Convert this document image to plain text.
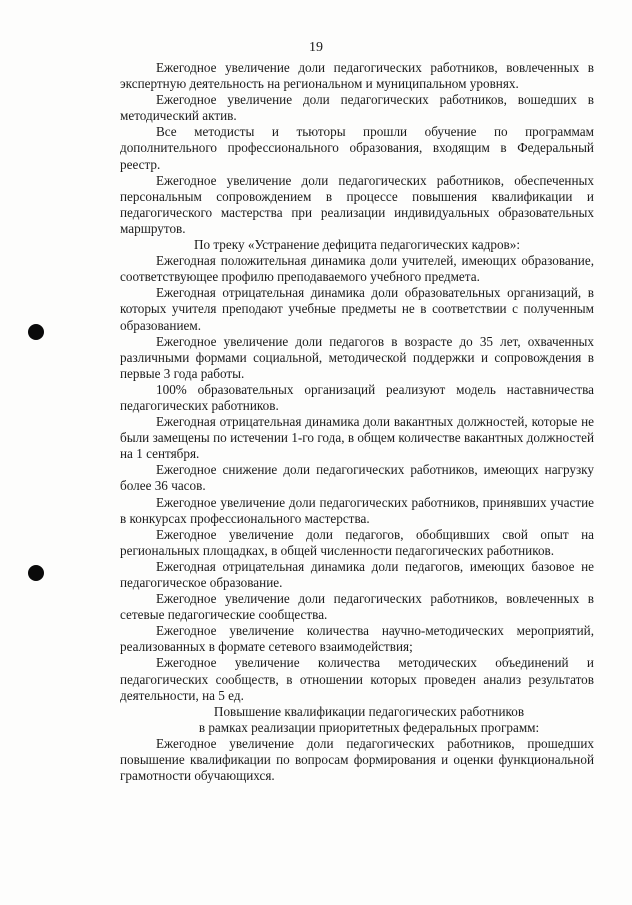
19

Ежегодное увеличение доли педагогических работников, вовлеченных в экспертную деятельность на региональном и муниципальном уровнях.

Ежегодное увеличение доли педагогических работников, вошедших в методический актив.

Все методисты и тьюторы прошли обучение по программам дополнительного профессионального образования, входящим в Федеральный реестр.

Ежегодное увеличение доли педагогических работников, обеспеченных персональным сопровождением в процессе повышения квалификации и педагогического мастерства при реализации индивидуальных образовательных маршрутов.

По треку «Устранение дефицита педагогических кадров»:

Ежегодная положительная динамика доли учителей, имеющих образование, соответствующее профилю преподаваемого учебного предмета.

Ежегодная отрицательная динамика доли образовательных организаций, в которых учителя преподают учебные предметы не в соответствии с полученным образованием.

Ежегодное увеличение доли педагогов в возрасте до 35 лет, охваченных различными формами социальной, методической поддержки и сопровождения в первые 3 года работы.

100% образовательных организаций реализуют модель наставничества педагогических работников.

Ежегодная отрицательная динамика доли вакантных должностей, которые не были замещены по истечении 1-го года, в общем количестве вакантных должностей на 1 сентября.

Ежегодное снижение доли педагогических работников, имеющих нагрузку более 36 часов.

Ежегодное увеличение доли педагогических работников, принявших участие в конкурсах профессионального мастерства.

Ежегодное увеличение доли педагогов, обобщивших свой опыт на региональных площадках, в общей численности педагогических работников.

Ежегодная отрицательная динамика доли педагогов, имеющих базовое не педагогическое образование.

Ежегодное увеличение доли педагогических работников, вовлеченных в сетевые педагогические сообщества.

Ежегодное увеличение количества научно-методических мероприятий, реализованных в формате сетевого взаимодействия;

Ежегодное увеличение количества методических объединений и педагогических сообществ, в отношении которых проведен анализ результатов деятельности, на 5 ед.

Повышение квалификации педагогических работников

в рамках реализации приоритетных федеральных программ:

Ежегодное увеличение доли педагогических работников, прошедших повышение квалификации по вопросам формирования и оценки функциональной грамотности обучающихся.
